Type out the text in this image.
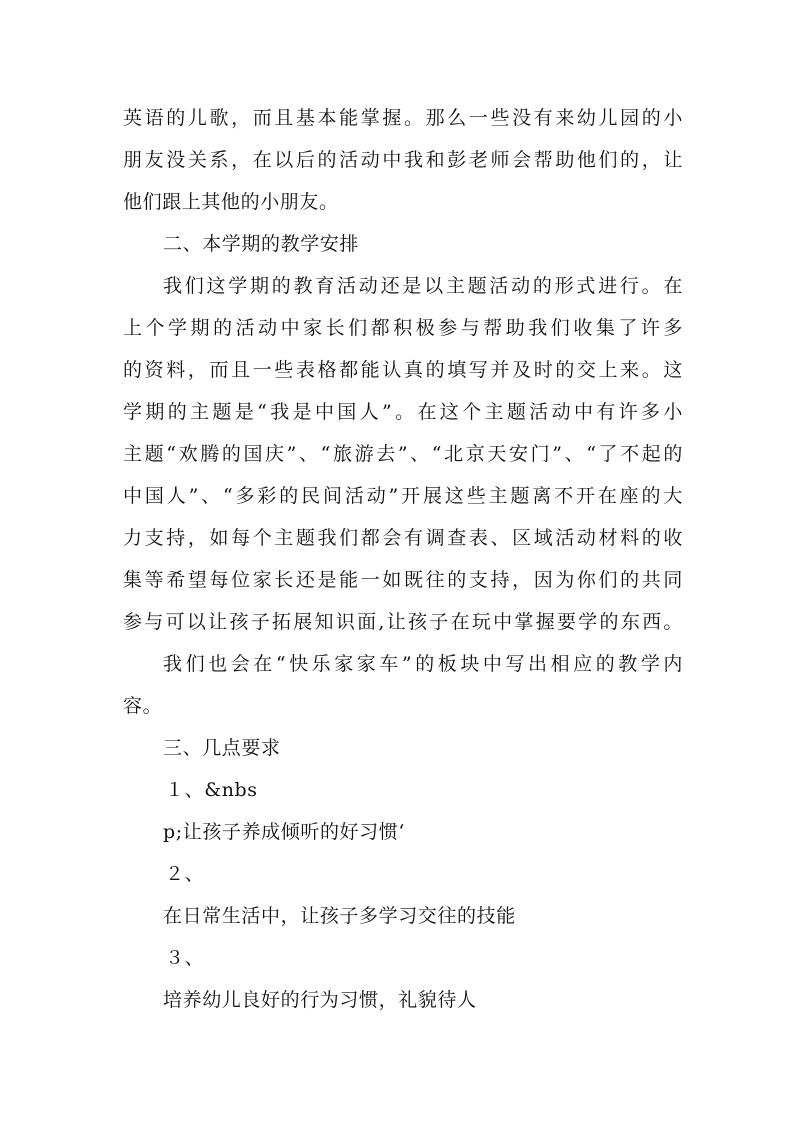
英语的儿歌，而且基本能掌握。那么一些没有来幼儿园的小
朋友没关系，在以后的活动中我和彭老师会帮助他们的，让
他们跟上其他的小朋友。
二、本学期的教学安排
我们这学期的教育活动还是以主题活动的形式进行。在
上个学期的活动中家长们都积极参与帮助我们收集了许多
的资料，而且一些表格都能认真的填写并及时的交上来。这
学期的主题是“我是中国人”。在这个主题活动中有许多小
主题“欢腾的国庆”、“旅游去”、“北京天安门”、“了不起的
中国人”、“多彩的民间活动”开展这些主题离不开在座的大
力支持，如每个主题我们都会有调查表、区域活动材料的收
集等希望每位家长还是能一如既往的支持，因为你们的共同
参与可以让孩子拓展知识面,让孩子在玩中掌握要学的东西。
我们也会在“快乐家家车”的板块中写出相应的教学内
容。
三、几点要求
１、&nbs
p;让孩子养成倾听的好习惯‘
２、
在日常生活中，让孩子多学习交往的技能
３、
培养幼儿良好的行为习惯，礼貌待人
